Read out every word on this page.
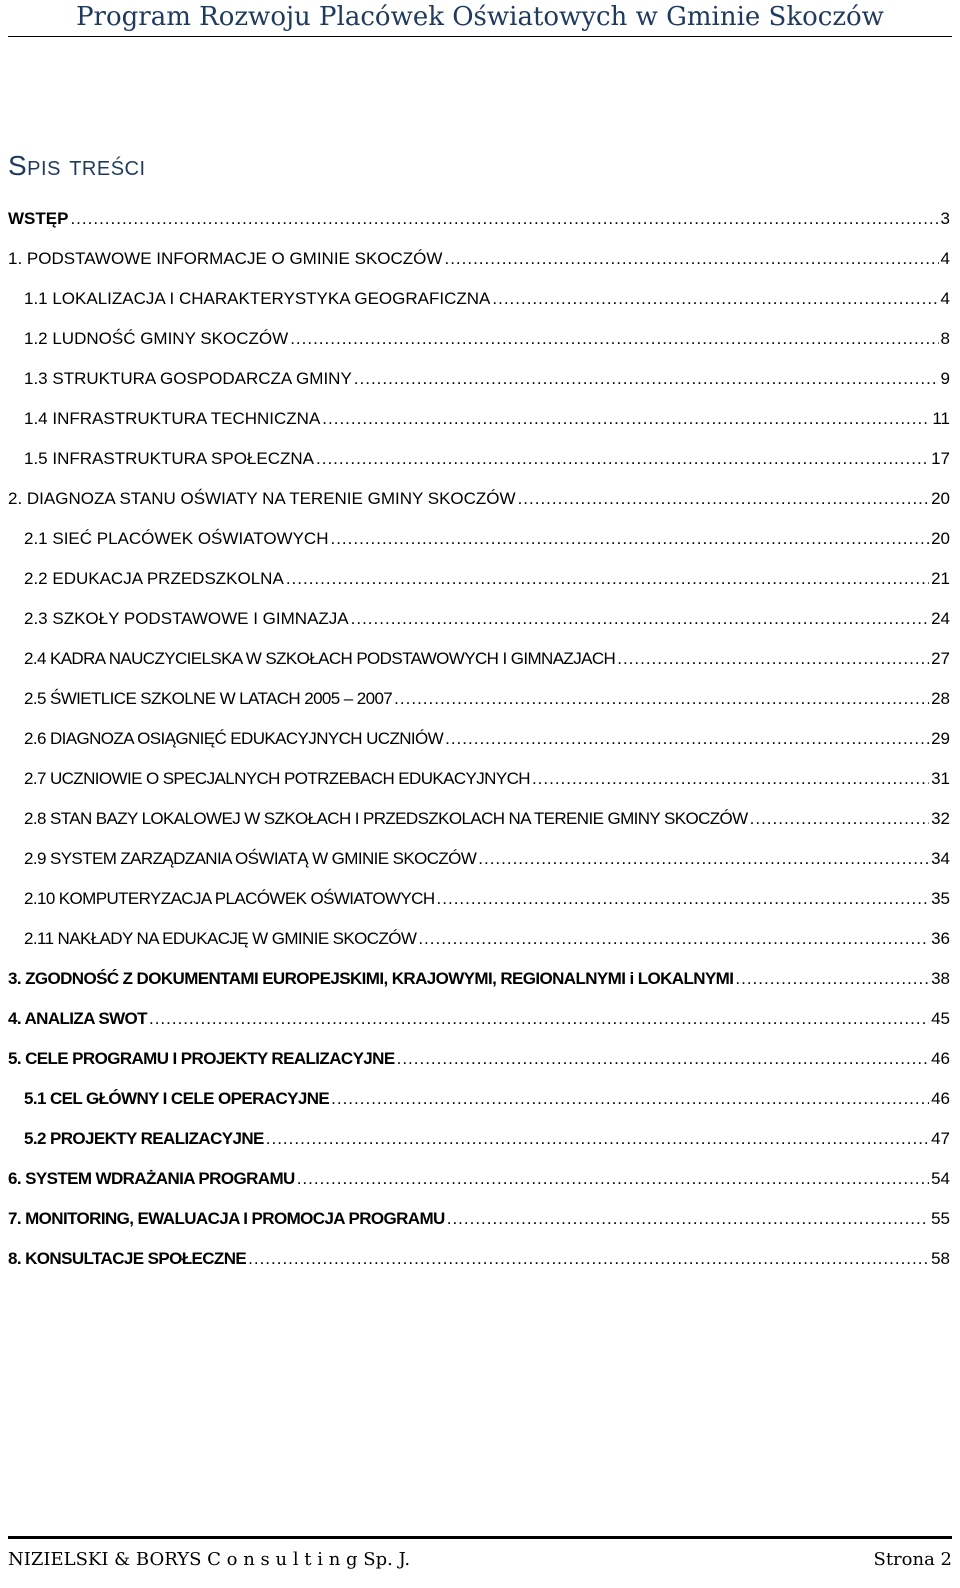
Program Rozwoju Placówek Oświatowych w Gminie Skoczów
Spis treści
WSTĘP .....	3
1. PODSTAWOWE INFORMACJE O GMINIE SKOCZÓW .....	4
1.1 LOKALIZACJA I CHARAKTERYSTYKA GEOGRAFICZNA .....	4
1.2 LUDNOŚĆ GMINY SKOCZÓW .....	8
1.3 STRUKTURA GOSPODARCZA GMINY .....	9
1.4 INFRASTRUKTURA TECHNICZNA .....	11
1.5 INFRASTRUKTURA SPOŁECZNA .....	17
2. DIAGNOZA STANU OŚWIATY NA TERENIE GMINY SKOCZÓW .....	20
2.1 SIEĆ PLACÓWEK OŚWIATOWYCH .....	20
2.2 EDUKACJA PRZEDSZKOLNA .....	21
2.3 SZKOŁY PODSTAWOWE I GIMNAZJA .....	24
2.4 KADRA NAUCZYCIELSKA W SZKOŁACH PODSTAWOWYCH I GIMNAZJACH .....	27
2.5 ŚWIETLICE SZKOLNE W LATACH 2005 – 2007 .....	28
2.6 DIAGNOZA OSIĄGNIĘĆ EDUKACYJNYCH UCZNIÓW .....	29
2.7 UCZNIOWIE O SPECJALNYCH POTRZEBACH EDUKACYJNYCH .....	31
2.8 STAN BAZY LOKALOWEJ W SZKOŁACH I PRZEDSZKOLACH NA TERENIE GMINY SKOCZÓW .....	32
2.9 SYSTEM ZARZĄDZANIA OŚWIATĄ W GMINIE SKOCZÓW .....	34
2.10 KOMPUTERYZACJA PLACÓWEK OŚWIATOWYCH .....	35
2.11 NAKŁADY NA EDUKACJĘ W GMINIE SKOCZÓW .....	36
3. ZGODNOŚĆ Z DOKUMENTAMI EUROPEJSKIMI, KRAJOWYMI, REGIONALNYMI i LOKALNYMI .....	38
4. ANALIZA SWOT .....	45
5. CELE PROGRAMU I PROJEKTY REALIZACYJNE .....	46
5.1 CEL GŁÓWNY I CELE OPERACYJNE .....	46
5.2 PROJEKTY REALIZACYJNE .....	47
6. SYSTEM WDRAŻANIA PROGRAMU .....	54
7. MONITORING, EWALUACJA I PROMOCJA PROGRAMU .....	55
8. KONSULTACJE SPOŁECZNE .....	58
NIZIELSKI & BORYS C o n s u l t i n g Sp. J.	Strona 2
